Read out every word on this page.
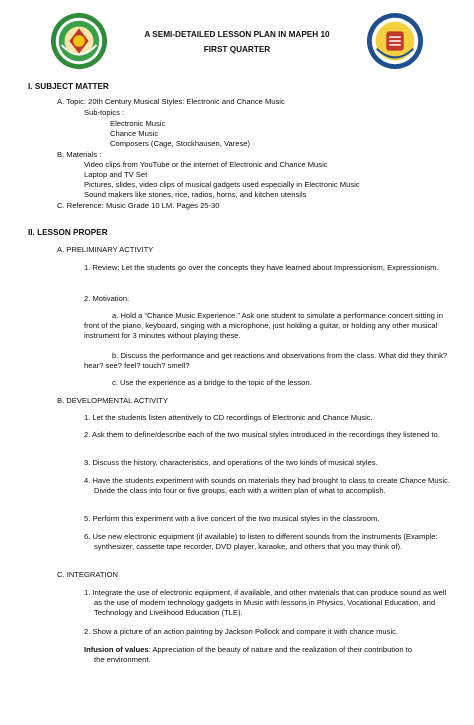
A SEMI-DETAILED LESSON PLAN IN MAPEH 10
FIRST QUARTER
I. SUBJECT MATTER
A. Topic: 20th Century Musical Styles: Electronic and Chance Music
Sub-topics :
Electronic Music
Chance Music
Composers (Cage, Stockhausen, Varese)
B. Materials :
Video clips from YouTube or the internet of Electronic and Chance Music
Laptop and TV Set
Pictures, slides, video clips of musical gadgets used especially in Electronic Music
Sound makers like stones, rice, radios, horns, and kitchen utensils
C. Reference: Music Grade 10 LM. Pages 25-30
II. LESSON PROPER
A. PRELIMINARY ACTIVITY
1. Review: Let the students go over the concepts they have learned about Impressionism, Expressionism.
2. Motivation:
a. Hold a “Chance Music Experience.” Ask one student to simulate a performance concert sitting in front of the piano, keyboard, singing with a microphone, just holding a guitar, or holding any other musical instrument for 3 minutes without playing these.
b. Discuss the performance and get reactions and observations from the class. What did they think? hear? see? feel? touch? smell?
c. Use the experience as a bridge to the topic of the lesson.
B. DEVELOPMENTAL ACTIVITY
1. Let the students listen attentively to CD recordings of Electronic and Chance Music.
2. Ask them to define/describe each of the two musical styles introduced in the recordings they listened to.
3. Discuss the history, characteristics, and operations of the two kinds of musical styles.
4. Have the students experiment with sounds on materials they had brought to class to create Chance Music. Divide the class into four or five groups, each with a written plan of what to accomplish.
5. Perform this experiment with a live concert of the two musical styles in the classroom.
6. Use new electronic equipment (if available) to listen to different sounds from the instruments (Example: synthesizer, cassette tape recorder, DVD player, karaoke, and others that you may think of).
C. INTEGRATION
1. Integrate the use of electronic equipment, if available, and other materials that can produce sound as well as the use of modern technology gadgets in Music with lessons in Physics, Vocational Education, and Technology and Livelihood Education (TLE).
2. Show a picture of an action painting by Jackson Pollock and compare it with chance music.
Infusion of values: Appreciation of the beauty of nature and the realization of their contribution to the environment.
